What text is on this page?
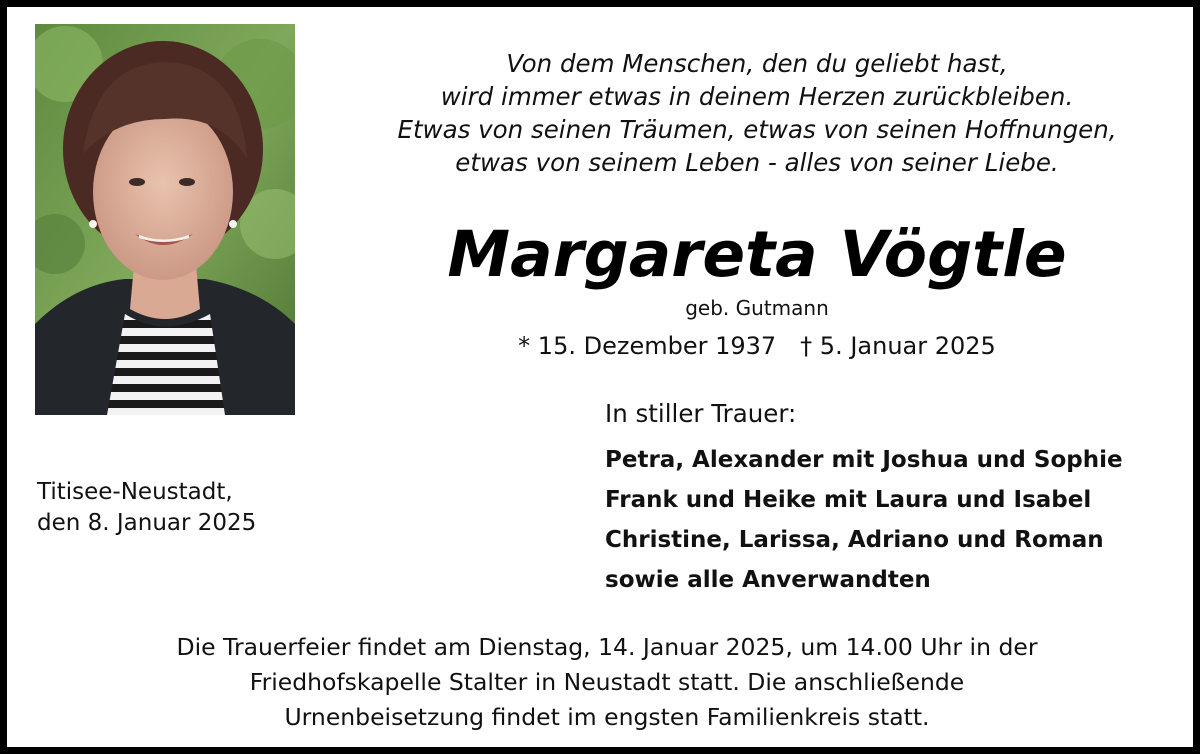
Titisee-Neustadt,
den 8. Januar 2025
Von dem Menschen, den du geliebt hast,
wird immer etwas in deinem Herzen zurückbleiben.
Etwas von seinen Träumen, etwas von seinen Hoffnungen,
etwas von seinem Leben - alles von seiner Liebe.
Margareta Vögtle
geb. Gutmann
* 15. Dezember 1937 † 5. Januar 2025
In stiller Trauer:
Petra, Alexander mit Joshua und Sophie
Frank und Heike mit Laura und Isabel
Christine, Larissa, Adriano und Roman
sowie alle Anverwandten
Die Trauerfeier findet am Dienstag, 14. Januar 2025, um 14.00 Uhr in der
Friedhofskapelle Stalter in Neustadt statt. Die anschließende
Urnenbeisetzung findet im engsten Familienkreis statt.
